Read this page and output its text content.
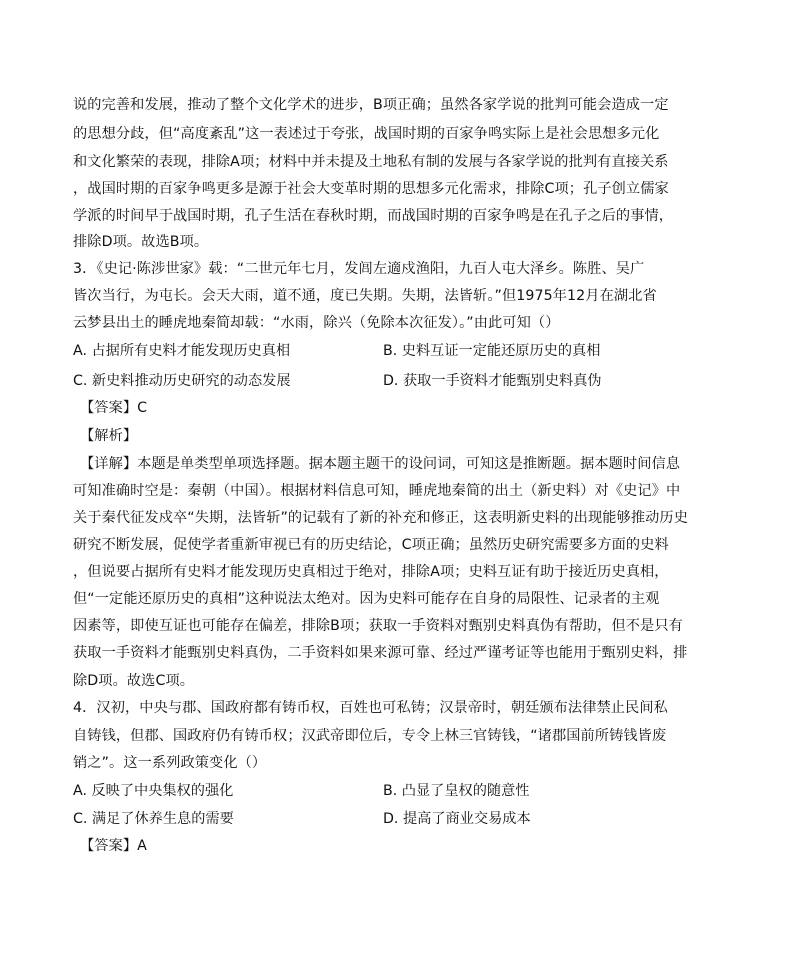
说的完善和发展，推动了整个文化学术的进步，B项正确；虽然各家学说的批判可能会造成一定
的思想分歧，但“高度紊乱”这一表述过于夸张，战国时期的百家争鸣实际上是社会思想多元化
和文化繁荣的表现，排除A项；材料中并未提及土地私有制的发展与各家学说的批判有直接关系
，战国时期的百家争鸣更多是源于社会大变革时期的思想多元化需求，排除C项；孔子创立儒家
学派的时间早于战国时期，孔子生活在春秋时期，而战国时期的百家争鸣是在孔子之后的事情，
排除D项。故选B项。
3．《史记·陈涉世家》载：“二世元年七月，发闾左適戍渔阳，九百人屯大泽乡。陈胜、吴广
皆次当行，为屯长。会天大雨，道不通，度已失期。失期，法皆斩。”但1975年12月在湖北省
云梦县出土的睡虎地秦简却载：“水雨，除兴（免除本次征发）。”由此可知（）
A. 占据所有史料才能发现历史真相	B. 史料互证一定能还原历史的真相
C. 新史料推动历史研究的动态发展	D. 获取一手资料才能甄别史料真伪
【答案】C
【解析】
【详解】本题是单类型单项选择题。据本题主题干的设问词，可知这是推断题。据本题时间信息
可知准确时空是：秦朝（中国）。根据材料信息可知，睡虎地秦简的出土（新史料）对《史记》中
关于秦代征发戍卒“失期，法皆斩”的记载有了新的补充和修正，这表明新史料的出现能够推动历史
研究不断发展，促使学者重新审视已有的历史结论，C项正确；虽然历史研究需要多方面的史料
，但说要占据所有史料才能发现历史真相过于绝对，排除A项；史料互证有助于接近历史真相，
但“一定能还原历史的真相”这种说法太绝对。因为史料可能存在自身的局限性、记录者的主观
因素等，即使互证也可能存在偏差，排除B项；获取一手资料对甄别史料真伪有帮助，但不是只有
获取一手资料才能甄别史料真伪，二手资料如果来源可靠、经过严谨考证等也能用于甄别史料，排
除D项。故选C项。
4．汉初，中央与郡、国政府都有铸币权，百姓也可私铸；汉景帝时，朝廷颁布法律禁止民间私
自铸钱，但郡、国政府仍有铸币权；汉武帝即位后，专令上林三官铸钱，“诸郡国前所铸钱皆废
销之”。这一系列政策变化（）
A. 反映了中央集权的强化	B. 凸显了皇权的随意性
C. 满足了休养生息的需要	D. 提高了商业交易成本
【答案】A
